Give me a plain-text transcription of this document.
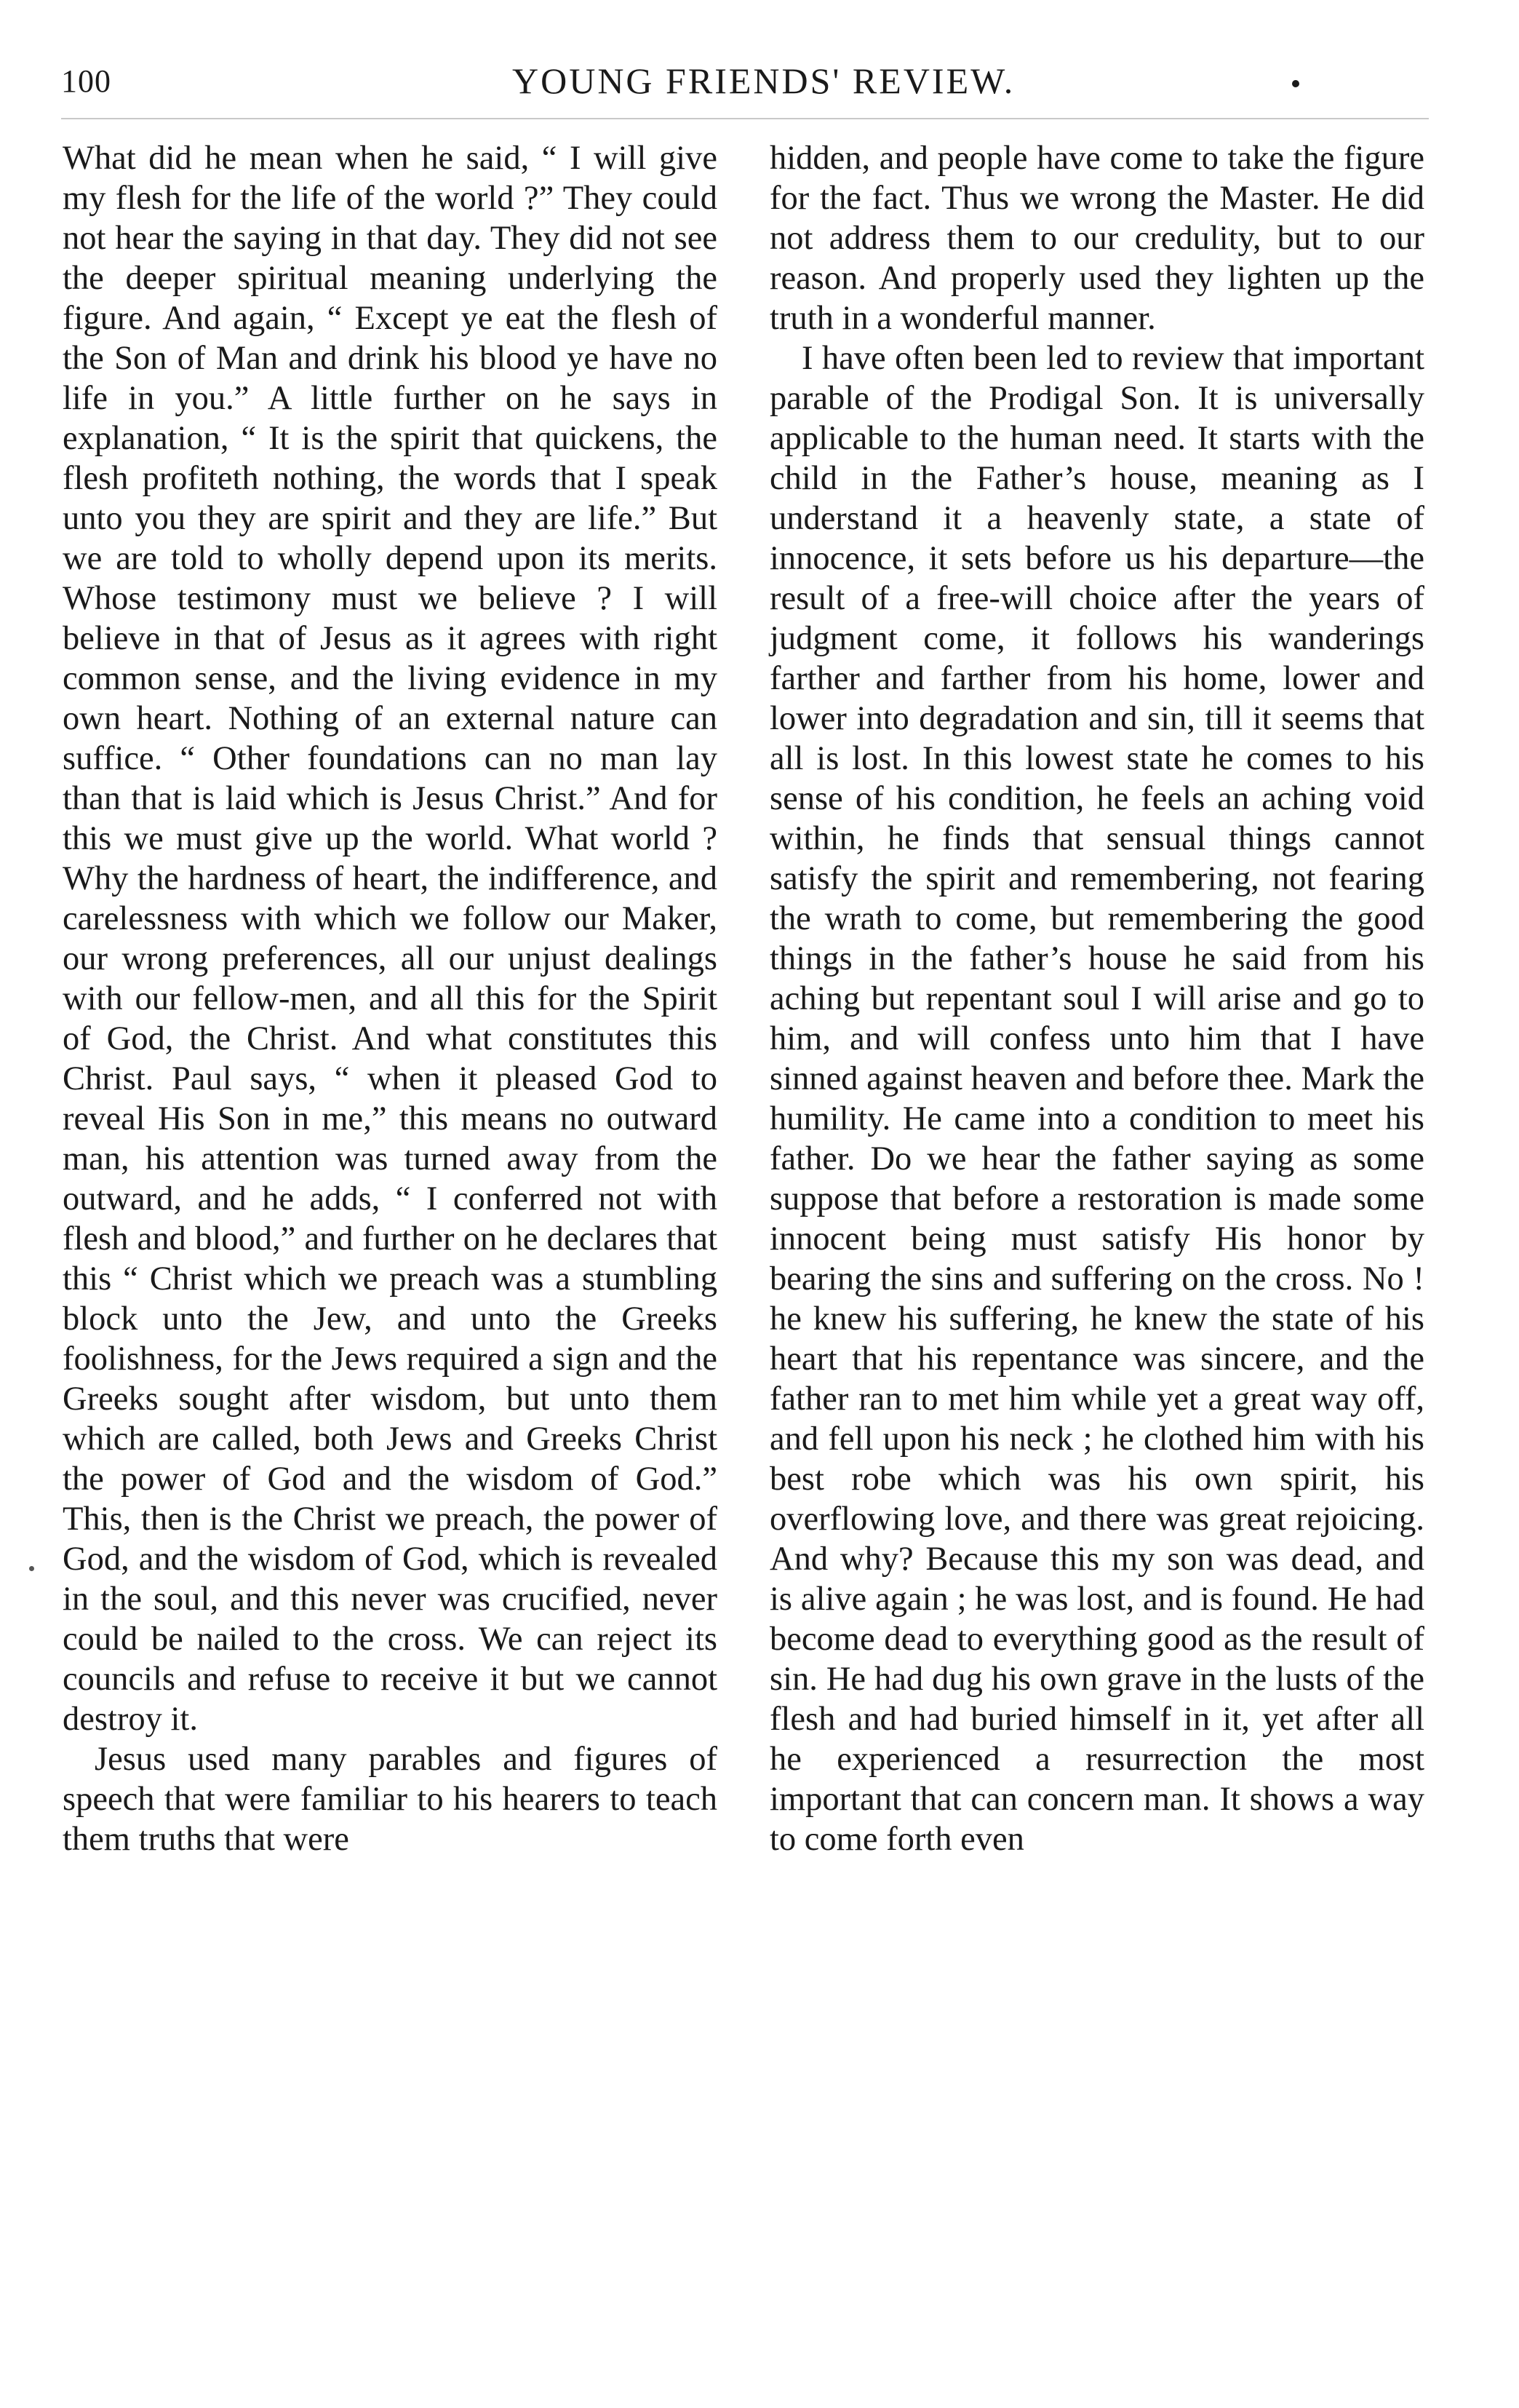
100	YOUNG FRIENDS' REVIEW.

What did he mean when he said, “ I will give my flesh for the life of the world ?” They could not hear the saying in that day. They did not see the deeper spiritual meaning underlying the figure. And again, “ Except ye eat the flesh of the Son of Man and drink his blood ye have no life in you.” A little further on he says in explanation, “ It is the spirit that quickens, the flesh profiteth nothing, the words that I speak unto you they are spirit and they are life.” But we are told to wholly depend upon its merits. Whose testimony must we believe ? I will believe in that of Jesus as it agrees with right common sense, and the living evidence in my own heart. Nothing of an external nature can suffice. “ Other foundations can no man lay than that is laid which is Jesus Christ.” And for this we must give up the world. What world ? Why the hardness of heart, the indifference, and carelessness with which we follow our Maker, our wrong preferences, all our unjust dealings with our fellow-men, and all this for the Spirit of God, the Christ. And what constitutes this Christ. Paul says, “ when it pleased God to reveal His Son in me,” this means no outward man, his attention was turned away from the outward, and he adds, “ I conferred not with flesh and blood,” and further on he declares that this “ Christ which we preach was a stumbling block unto the Jew, and unto the Greeks foolishness, for the Jews required a sign and the Greeks sought after wisdom, but unto them which are called, both Jews and Greeks Christ the power of God and the wisdom of God.” This, then is the Christ we preach, the power of God, and the wisdom of God, which is revealed in the soul, and this never was crucified, never could be nailed to the cross. We can reject its councils and refuse to receive it but we cannot destroy it.

Jesus used many parables and figures of speech that were familiar to his hearers to teach them truths that were

hidden, and people have come to take the figure for the fact. Thus we wrong the Master. He did not address them to our credulity, but to our reason. And properly used they lighten up the truth in a wonderful manner.

I have often been led to review that important parable of the Prodigal Son. It is universally applicable to the human need. It starts with the child in the Father’s house, meaning as I understand it a heavenly state, a state of innocence, it sets before us his departure—the result of a free-will choice after the years of judgment come, it follows his wanderings farther and farther from his home, lower and lower into degradation and sin, till it seems that all is lost. In this lowest state he comes to his sense of his condition, he feels an aching void within, he finds that sensual things cannot satisfy the spirit and remembering, not fearing the wrath to come, but remembering the good things in the father’s house he said from his aching but repentant soul I will arise and go to him, and will confess unto him that I have sinned against heaven and before thee. Mark the humility. He came into a condition to meet his father. Do we hear the father saying as some suppose that before a restoration is made some innocent being must satisfy His honor by bearing the sins and suffering on the cross. No ! he knew his suffering, he knew the state of his heart that his repentance was sincere, and the father ran to met him while yet a great way off, and fell upon his neck ; he clothed him with his best robe which was his own spirit, his overflowing love, and there was great rejoicing. And why? Because this my son was dead, and is alive again ; he was lost, and is found. He had become dead to everything good as the result of sin. He had dug his own grave in the lusts of the flesh and had buried himself in it, yet after all he experienced a resurrection the most important that can concern man. It shows a way to come forth even
